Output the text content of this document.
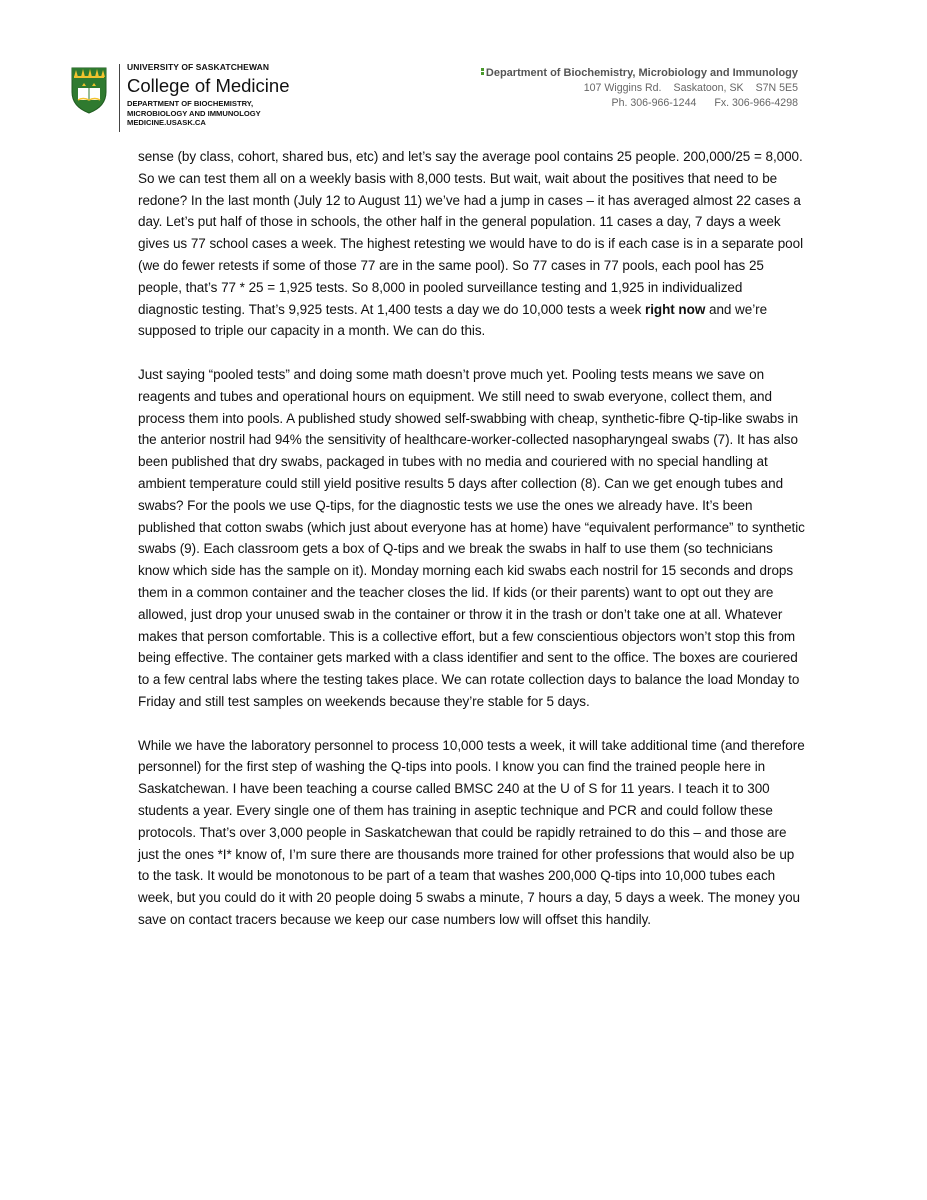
UNIVERSITY OF SASKATCHEWAN
College of Medicine
DEPARTMENT OF BIOCHEMISTRY,
MICROBIOLOGY AND IMMUNOLOGY
MEDICINE.USASK.CA
Department of Biochemistry, Microbiology and Immunology
107 Wiggins Rd. Saskatoon, SK S7N 5E5
Ph. 306-966-1244 Fx. 306-966-4298

sense (by class, cohort, shared bus, etc) and let’s say the average pool contains 25 people. 200,000/25 = 8,000. So we can test them all on a weekly basis with 8,000 tests. But wait, wait about the positives that need to be redone? In the last month (July 12 to August 11) we’ve had a jump in cases – it has averaged almost 22 cases a day. Let’s put half of those in schools, the other half in the general population. 11 cases a day, 7 days a week gives us 77 school cases a week. The highest retesting we would have to do is if each case is in a separate pool (we do fewer retests if some of those 77 are in the same pool). So 77 cases in 77 pools, each pool has 25 people, that’s 77 * 25 = 1,925 tests. So 8,000 in pooled surveillance testing and 1,925 in individualized diagnostic testing. That’s 9,925 tests. At 1,400 tests a day we do 10,000 tests a week right now and we’re supposed to triple our capacity in a month. We can do this.

Just saying “pooled tests” and doing some math doesn’t prove much yet. Pooling tests means we save on reagents and tubes and operational hours on equipment. We still need to swab everyone, collect them, and process them into pools. A published study showed self-swabbing with cheap, synthetic-fibre Q-tip-like swabs in the anterior nostril had 94% the sensitivity of healthcare-worker-collected nasopharyngeal swabs (7). It has also been published that dry swabs, packaged in tubes with no media and couriered with no special handling at ambient temperature could still yield positive results 5 days after collection (8). Can we get enough tubes and swabs? For the pools we use Q-tips, for the diagnostic tests we use the ones we already have. It’s been published that cotton swabs (which just about everyone has at home) have “equivalent performance” to synthetic swabs (9). Each classroom gets a box of Q-tips and we break the swabs in half to use them (so technicians know which side has the sample on it). Monday morning each kid swabs each nostril for 15 seconds and drops them in a common container and the teacher closes the lid. If kids (or their parents) want to opt out they are allowed, just drop your unused swab in the container or throw it in the trash or don’t take one at all. Whatever makes that person comfortable. This is a collective effort, but a few conscientious objectors won’t stop this from being effective. The container gets marked with a class identifier and sent to the office. The boxes are couriered to a few central labs where the testing takes place. We can rotate collection days to balance the load Monday to Friday and still test samples on weekends because they’re stable for 5 days.

While we have the laboratory personnel to process 10,000 tests a week, it will take additional time (and therefore personnel) for the first step of washing the Q-tips into pools. I know you can find the trained people here in Saskatchewan. I have been teaching a course called BMSC 240 at the U of S for 11 years. I teach it to 300 students a year. Every single one of them has training in aseptic technique and PCR and could follow these protocols. That’s over 3,000 people in Saskatchewan that could be rapidly retrained to do this – and those are just the ones *I* know of, I’m sure there are thousands more trained for other professions that would also be up to the task. It would be monotonous to be part of a team that washes 200,000 Q-tips into 10,000 tubes each week, but you could do it with 20 people doing 5 swabs a minute, 7 hours a day, 5 days a week. The money you save on contact tracers because we keep our case numbers low will offset this handily.
